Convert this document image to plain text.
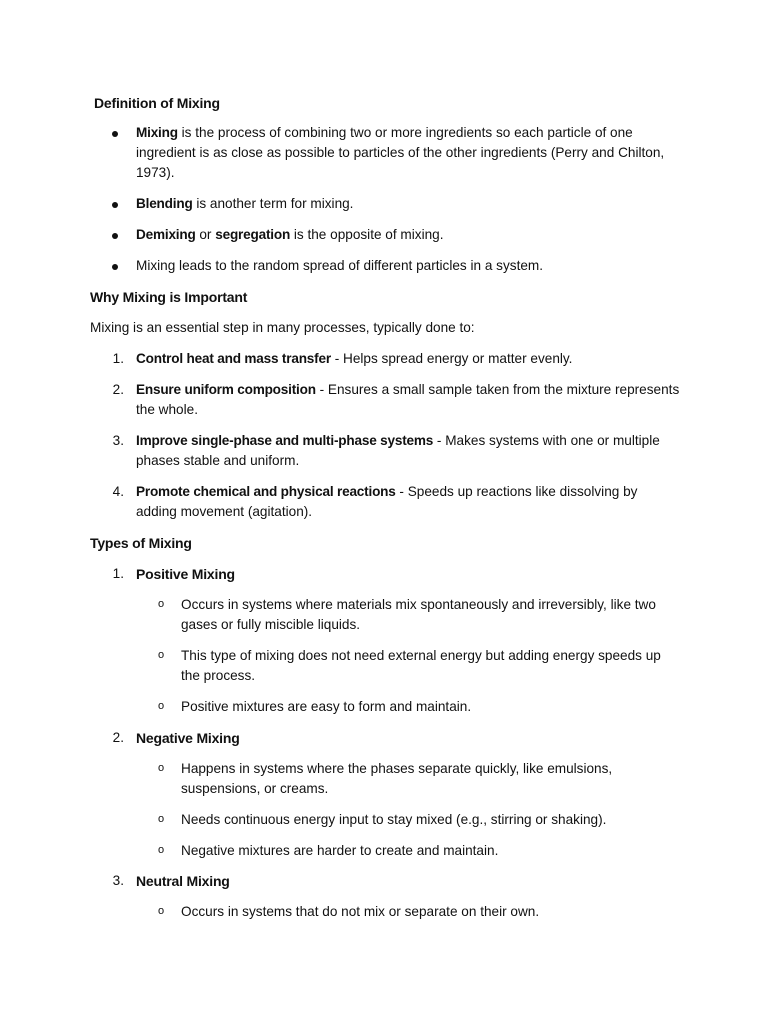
Definition of Mixing
Mixing is the process of combining two or more ingredients so each particle of one ingredient is as close as possible to particles of the other ingredients (Perry and Chilton, 1973).
Blending is another term for mixing.
Demixing or segregation is the opposite of mixing.
Mixing leads to the random spread of different particles in a system.
Why Mixing is Important
Mixing is an essential step in many processes, typically done to:
1. Control heat and mass transfer - Helps spread energy or matter evenly.
2. Ensure uniform composition - Ensures a small sample taken from the mixture represents the whole.
3. Improve single-phase and multi-phase systems - Makes systems with one or multiple phases stable and uniform.
4. Promote chemical and physical reactions - Speeds up reactions like dissolving by adding movement (agitation).
Types of Mixing
1. Positive Mixing
o Occurs in systems where materials mix spontaneously and irreversibly, like two gases or fully miscible liquids.
o This type of mixing does not need external energy but adding energy speeds up the process.
o Positive mixtures are easy to form and maintain.
2. Negative Mixing
o Happens in systems where the phases separate quickly, like emulsions, suspensions, or creams.
o Needs continuous energy input to stay mixed (e.g., stirring or shaking).
o Negative mixtures are harder to create and maintain.
3. Neutral Mixing
o Occurs in systems that do not mix or separate on their own.
